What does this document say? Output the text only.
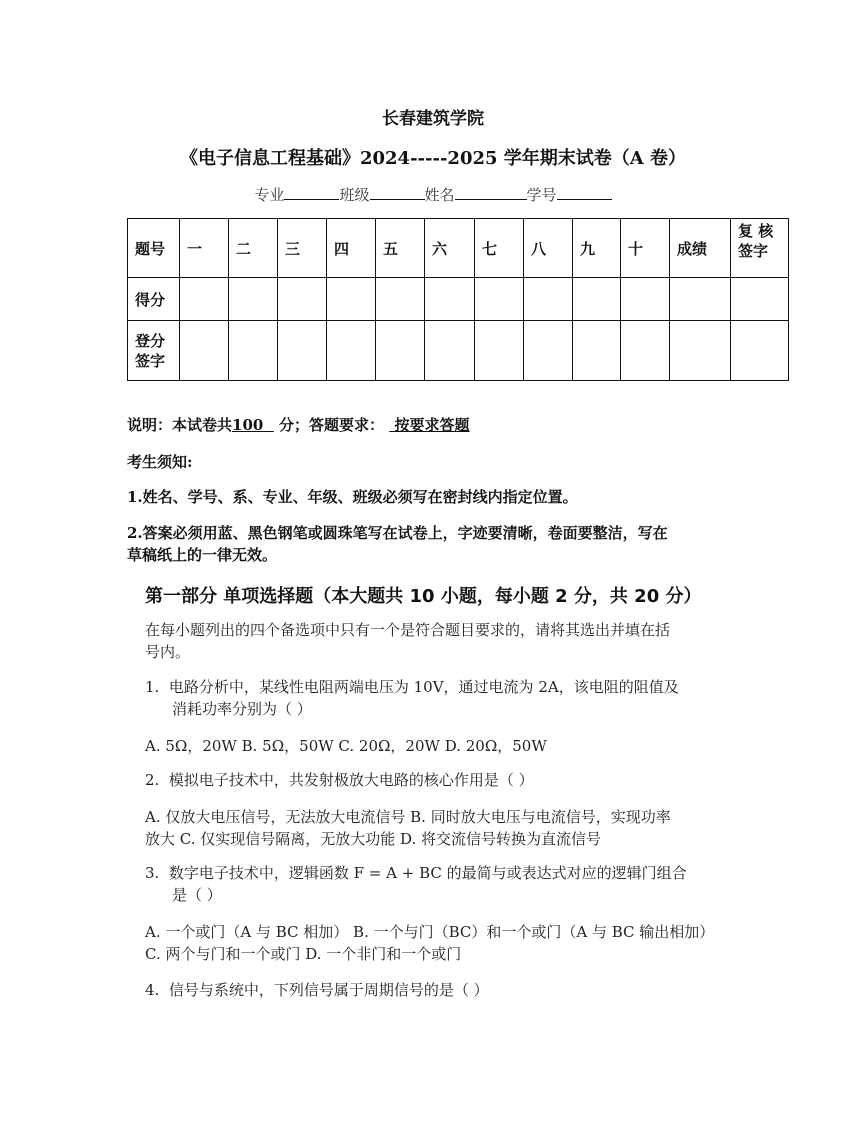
长春建筑学院
《电子信息工程基础》2024-----2025 学年期末试卷（A 卷）
专业	班级	姓名	学号
题号	一	二	三	四	五	六	七	八	九	十	成绩	复 核 签字
得分												
登分 签字												
说明：本试卷共100 分；答题要求： 按要求答题
考生须知:
1.姓名、学号、系、专业、年级、班级必须写在密封线内指定位置。
2.答案必须用蓝、黑色钢笔或圆珠笔写在试卷上，字迹要清晰，卷面要整洁，写在
草稿纸上的一律无效。
第一部分 单项选择题（本大题共 10 小题，每小题 2 分，共 20 分）
在每小题列出的四个备选项中只有一个是符合题目要求的，请将其选出并填在括
号内。
1. 电路分析中，某线性电阻两端电压为 10V，通过电流为 2A，该电阻的阻值及
消耗功率分别为（ ）
A. 5Ω，20W B. 5Ω，50W C. 20Ω，20W D. 20Ω，50W
2. 模拟电子技术中，共发射极放大电路的核心作用是（ ）
A. 仅放大电压信号，无法放大电流信号 B. 同时放大电压与电流信号，实现功率
放大 C. 仅实现信号隔离，无放大功能 D. 将交流信号转换为直流信号
3. 数字电子技术中，逻辑函数 F = A + BC 的最简与或表达式对应的逻辑门组合
是（ ）
A. 一个或门（A 与 BC 相加） B. 一个与门（BC）和一个或门（A 与 BC 输出相加）
C. 两个与门和一个或门 D. 一个非门和一个或门
4. 信号与系统中，下列信号属于周期信号的是（ ）
